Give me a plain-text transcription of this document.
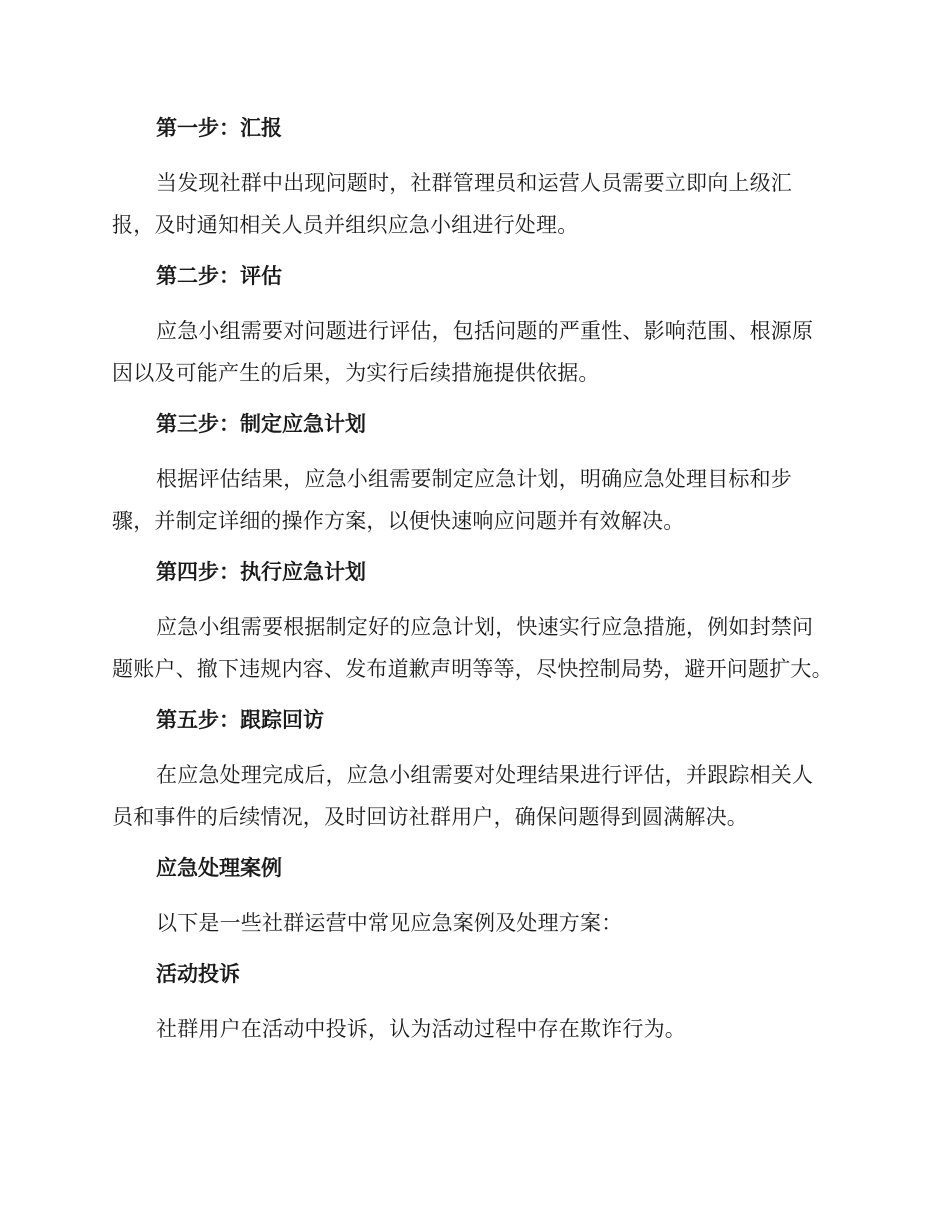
第一步：汇报

当发现社群中出现问题时，社群管理员和运营人员需要立即向上级汇报，及时通知相关人员并组织应急小组进行处理。

第二步：评估

应急小组需要对问题进行评估，包括问题的严重性、影响范围、根源原因以及可能产生的后果，为实行后续措施提供依据。

第三步：制定应急计划

根据评估结果，应急小组需要制定应急计划，明确应急处理目标和步骤，并制定详细的操作方案，以便快速响应问题并有效解决。

第四步：执行应急计划

应急小组需要根据制定好的应急计划，快速实行应急措施，例如封禁问题账户、撤下违规内容、发布道歉声明等等，尽快控制局势，避开问题扩大。

第五步：跟踪回访

在应急处理完成后，应急小组需要对处理结果进行评估，并跟踪相关人员和事件的后续情况，及时回访社群用户，确保问题得到圆满解决。

应急处理案例

以下是一些社群运营中常见应急案例及处理方案：

活动投诉

社群用户在活动中投诉，认为活动过程中存在欺诈行为。
